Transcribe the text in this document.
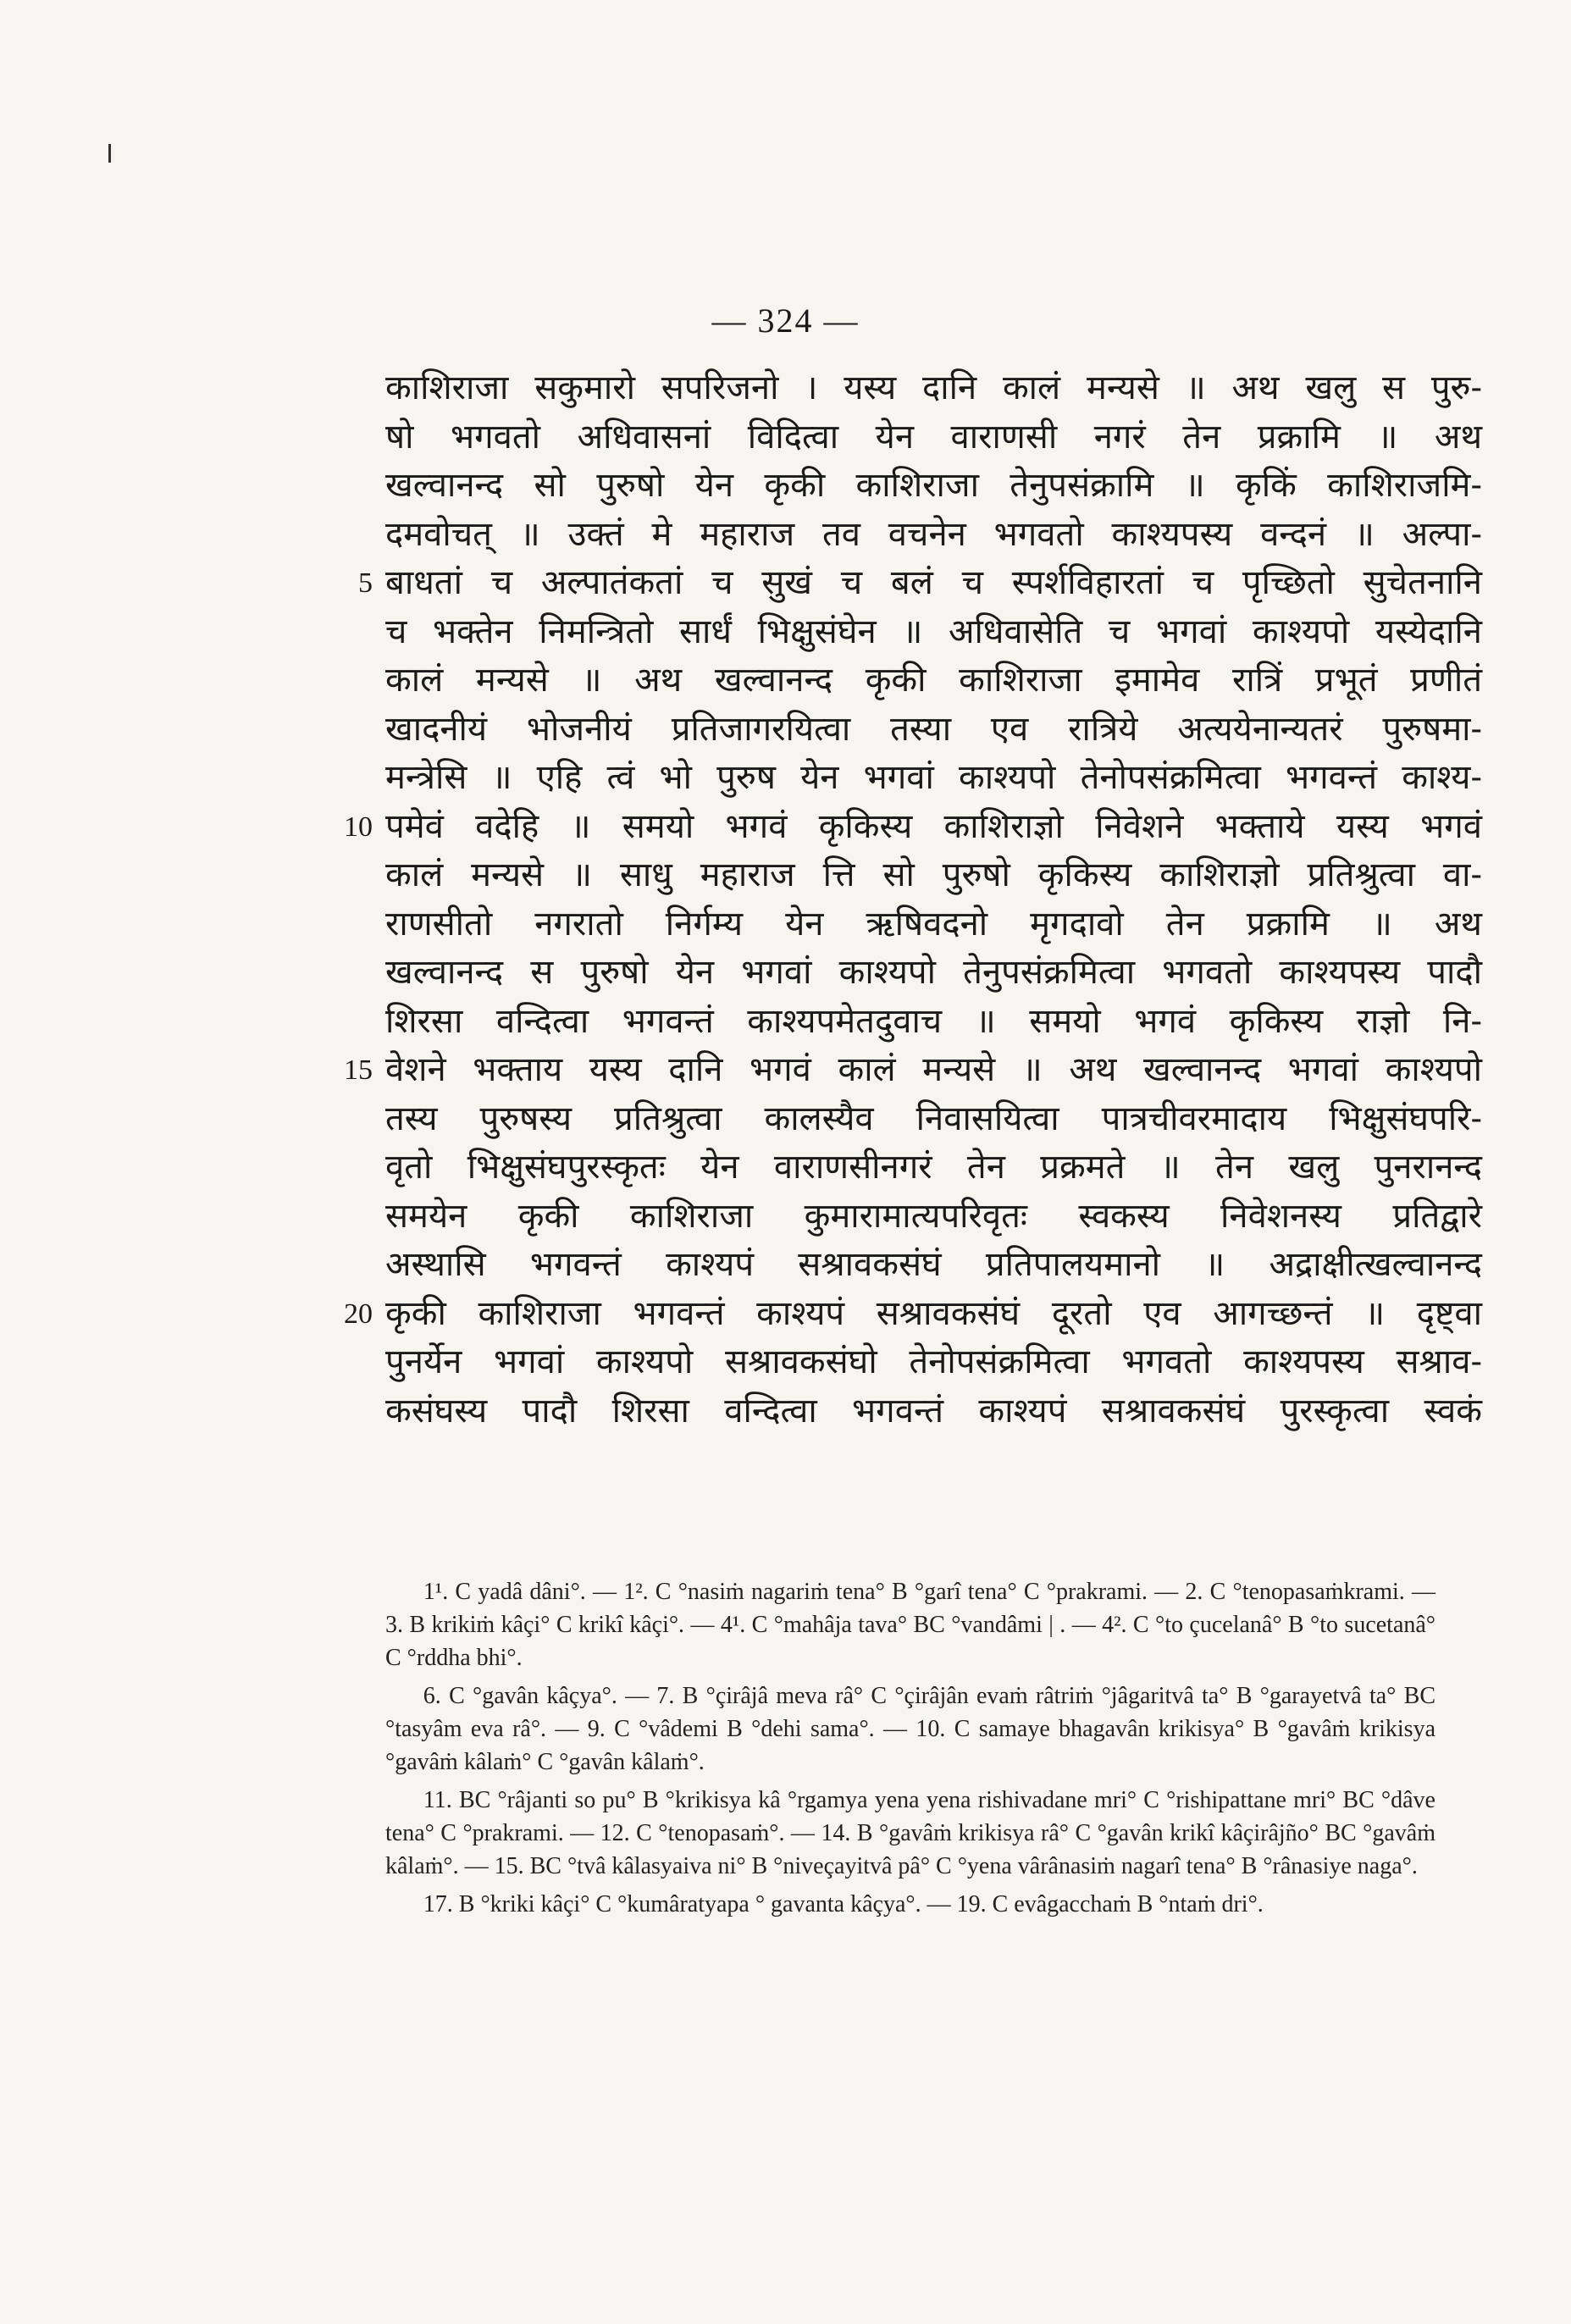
— 324 —
काशिराजा सकुमारो सपरिजनो । यस्य दानि कालं मन्यसे ॥ अथ खलु स पुरु-
षो भगवतो अधिवासनां विदित्वा येन वाराणसी नगरं तेन प्रक्रामि ॥ अथ
खल्वानन्द सो पुरुषो येन कृकी काशिराजा तेनुपसंक्रामि ॥ कृकिं काशिराजमि-
दमवोचत् ॥ उक्तं मे महाराज तव वचनेन भगवतो काश्यपस्य वन्दनं ॥ अल्पा-
5 बाधतां च अल्पातंकतां च सुखं च बलं च स्पर्शविहारतां च पृच्छितो सुचेतनानि
च भक्तेन निमन्त्रितो सार्धं भिक्षुसंघेन ॥ अधिवासेति च भगवां काश्यपो यस्येदानि
कालं मन्यसे ॥ अथ खल्वानन्द कृकी काशिराजा इमामेव रात्रिं प्रभूतं प्रणीतं
खादनीयं भोजनीयं प्रतिजागरयित्वा तस्या एव रात्रिये अत्ययेनान्यतरं पुरुषमा-
मन्त्रेसि ॥ एहि त्वं भो पुरुष येन भगवां काश्यपो तेनोपसंक्रमित्वा भगवन्तं काश्य-
10 पमेवं वदेहि ॥ समयो भगवं कृकिस्य काशिराज्ञो निवेशने भक्ताये यस्य भगवं
कालं मन्यसे ॥ साधु महाराज त्ति सो पुरुषो कृकिस्य काशिराज्ञो प्रतिश्रुत्वा वा-
राणसीतो नगरातो निर्गम्य येन ऋषिवदनो मृगदावो तेन प्रक्रामि ॥ अथ
खल्वानन्द स पुरुषो येन भगवां काश्यपो तेनुपसंक्रमित्वा भगवतो काश्यपस्य पादौ
शिरसा वन्दित्वा भगवन्तं काश्यपमेतदुवाच ॥ समयो भगवं कृकिस्य राज्ञो नि-
15 वेशने भक्ताय यस्य दानि भगवं कालं मन्यसे ॥ अथ खल्वानन्द भगवां काश्यपो
तस्य पुरुषस्य प्रतिश्रुत्वा कालस्यैव निवासयित्वा पात्रचीवरमादाय भिक्षुसंघपरि-
वृतो भिक्षुसंघपुरस्कृतः येन वाराणसीनगरं तेन प्रक्रमते ॥ तेन खलु पुनरानन्द
समयेन कृकी काशिराजा कुमारामात्यपरिवृतः स्वकस्य निवेशनस्य प्रतिद्वारे
अस्थासि भगवन्तं काश्यपं सश्रावकसंघं प्रतिपालयमानो ॥ अद्राक्षीत्खल्वानन्द
20 कृकी काशिराजा भगवन्तं काश्यपं सश्रावकसंघं दूरतो एव आगच्छन्तं ॥ दृष्ट्वा
पुनर्येन भगवां काश्यपो सश्रावकसंघो तेनोपसंक्रमित्वा भगवतो काश्यपस्य सश्राव-
कसंघस्य पादौ शिरसा वन्दित्वा भगवन्तं काश्यपं सश्रावकसंघं पुरस्कृत्वा स्वकं

1¹. C yadâ dâni°. — 1². C °nasiṁ nagariṁ tena° B °garî tena° C °prakrami. — 2. C °tenopasaṁkrami. — 3. B krikiṁ kâçi° C krikî kâçi°. — 4¹. C °mahâja tava° BC °vandâmi | . — 4². C °to çucelanâ° B °to sucetanâ° C °rddha bhi°.

6. C °gavân kâçya°. — 7. B °çirâjâ meva râ° C °çirâjân evaṁ râtriṁ °jâgaritvâ ta° B °garayetvâ ta° BC °tasyâm eva râ°. — 9. C °vâdemi B °dehi sama°. — 10. C samaye bhagavân krikisya° B °gavâṁ krikisya °gavâṁ kâlaṁ° C °gavân kâlaṁ°.

11. BC °râjanti so pu° B °krikisya kâ °rgamya yena yena rishivadane mri° C °rishipattane mri° BC °dâve tena° C °prakrami. — 12. C °tenopasaṁ°. — 14. B °gavâṁ krikisya râ° C °gavân krikî kâçirâjño° BC °gavâṁ kâlaṁ°. — 15. BC °tvâ kâlasyaiva ni° B °niveçayitvâ pâ° C °yena vârânasiṁ nagarî tena° B °rânasiye naga°.

17. B °kriki kâçi° C °kumâratyapa ° gavanta kâçya°. — 19. C evâgacchaṁ B °ntaṁ dri°.
